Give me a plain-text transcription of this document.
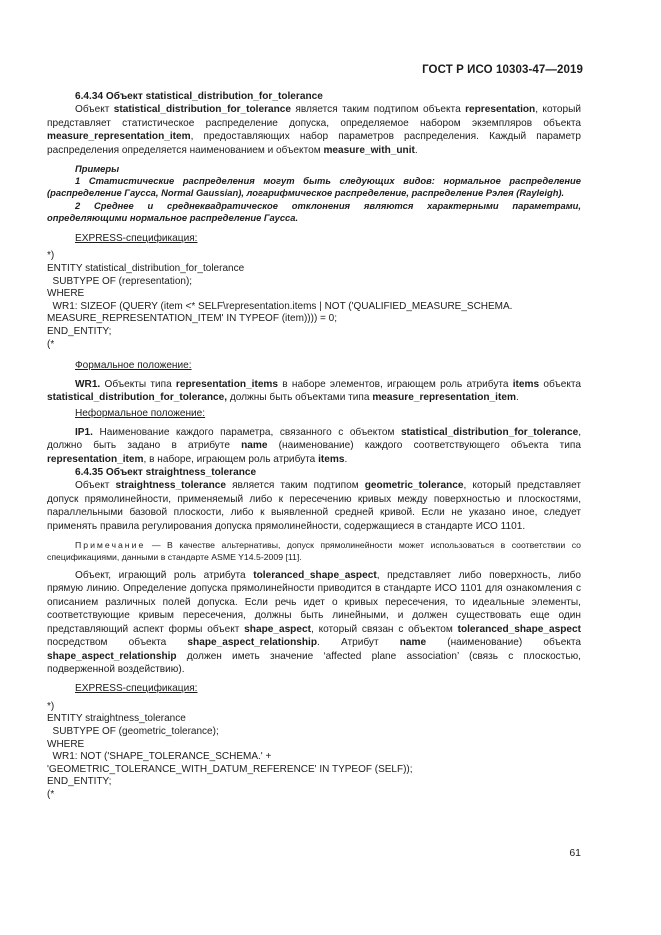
ГОСТ Р ИСО 10303-47—2019

6.4.34 Объект statistical_distribution_for_tolerance

Объект statistical_distribution_for_tolerance является таким подтипом объекта representation, который представляет статистическое распределение допуска, определяемое набором экземпляров объекта measure_representation_item, предоставляющих набор параметров распределения. Каждый параметр распределения определяется наименованием и объектом measure_with_unit.

Примеры

1 Статистические распределения могут быть следующих видов: нормальное распределение (распределение Гаусса, Normal Gaussian), логарифмическое распределение, распределение Рэлея (Rayleigh).

2 Среднее и среднеквадратическое отклонения являются характерными параметрами, определяющими нормальное распределение Гаусса.

EXPRESS-спецификация:

*)
ENTITY statistical_distribution_for_tolerance
SUBTYPE OF (representation);
WHERE
WR1: SIZEOF (QUERY (item <* SELF\representation.items | NOT ('QUALIFIED_MEASURE_SCHEMA.
MEASURE_REPRESENTATION_ITEM' IN TYPEOF (item)))) = 0;
END_ENTITY;
(*

Формальное положение:

WR1. Объекты типа representation_items в наборе элементов, играющем роль атрибута items объекта statistical_distribution_for_tolerance, должны быть объектами типа measure_representation_item.

Неформальное положение:

IP1. Наименование каждого параметра, связанного с объектом statistical_distribution_for_tolerance, должно быть задано в атрибуте name (наименование) каждого соответствующего объекта типа representation_item, в наборе, играющем роль атрибута items.

6.4.35 Объект straightness_tolerance

Объект straightness_tolerance является таким подтипом geometric_tolerance, который представляет допуск прямолинейности, применяемый либо к пересечению кривых между поверхностью и плоскостями, параллельными базовой плоскости, либо к выявленной средней кривой. Если не указано иное, следует применять правила регулирования допуска прямолинейности, содержащиеся в стандарте ИСО 1101.

Примечание — В качестве альтернативы, допуск прямолинейности может использоваться в соответствии со спецификациями, данными в стандарте ASME Y14.5-2009 [11].

Объект, играющий роль атрибута toleranced_shape_aspect, представляет либо поверхность, либо прямую линию. Определение допуска прямолинейности приводится в стандарте ИСО 1101 для ознакомления с описанием различных полей допуска. Если речь идет о кривых пересечения, то идеальные элементы, соответствующие кривым пересечения, должны быть линейными, и должен существовать еще один представляющий аспект формы объект shape_aspect, который связан с объектом toleranced_shape_aspect посредством объекта shape_aspect_relationship. Атрибут name (наименование) объекта shape_aspect_relationship должен иметь значение ‘affected plane association’ (связь с плоскостью, подверженной воздействию).

EXPRESS-спецификация:

*)
ENTITY straightness_tolerance
SUBTYPE OF (geometric_tolerance);
WHERE
WR1: NOT ('SHAPE_TOLERANCE_SCHEMA.' +
'GEOMETRIC_TOLERANCE_WITH_DATUM_REFERENCE' IN TYPEOF (SELF));
END_ENTITY;
(*
61
